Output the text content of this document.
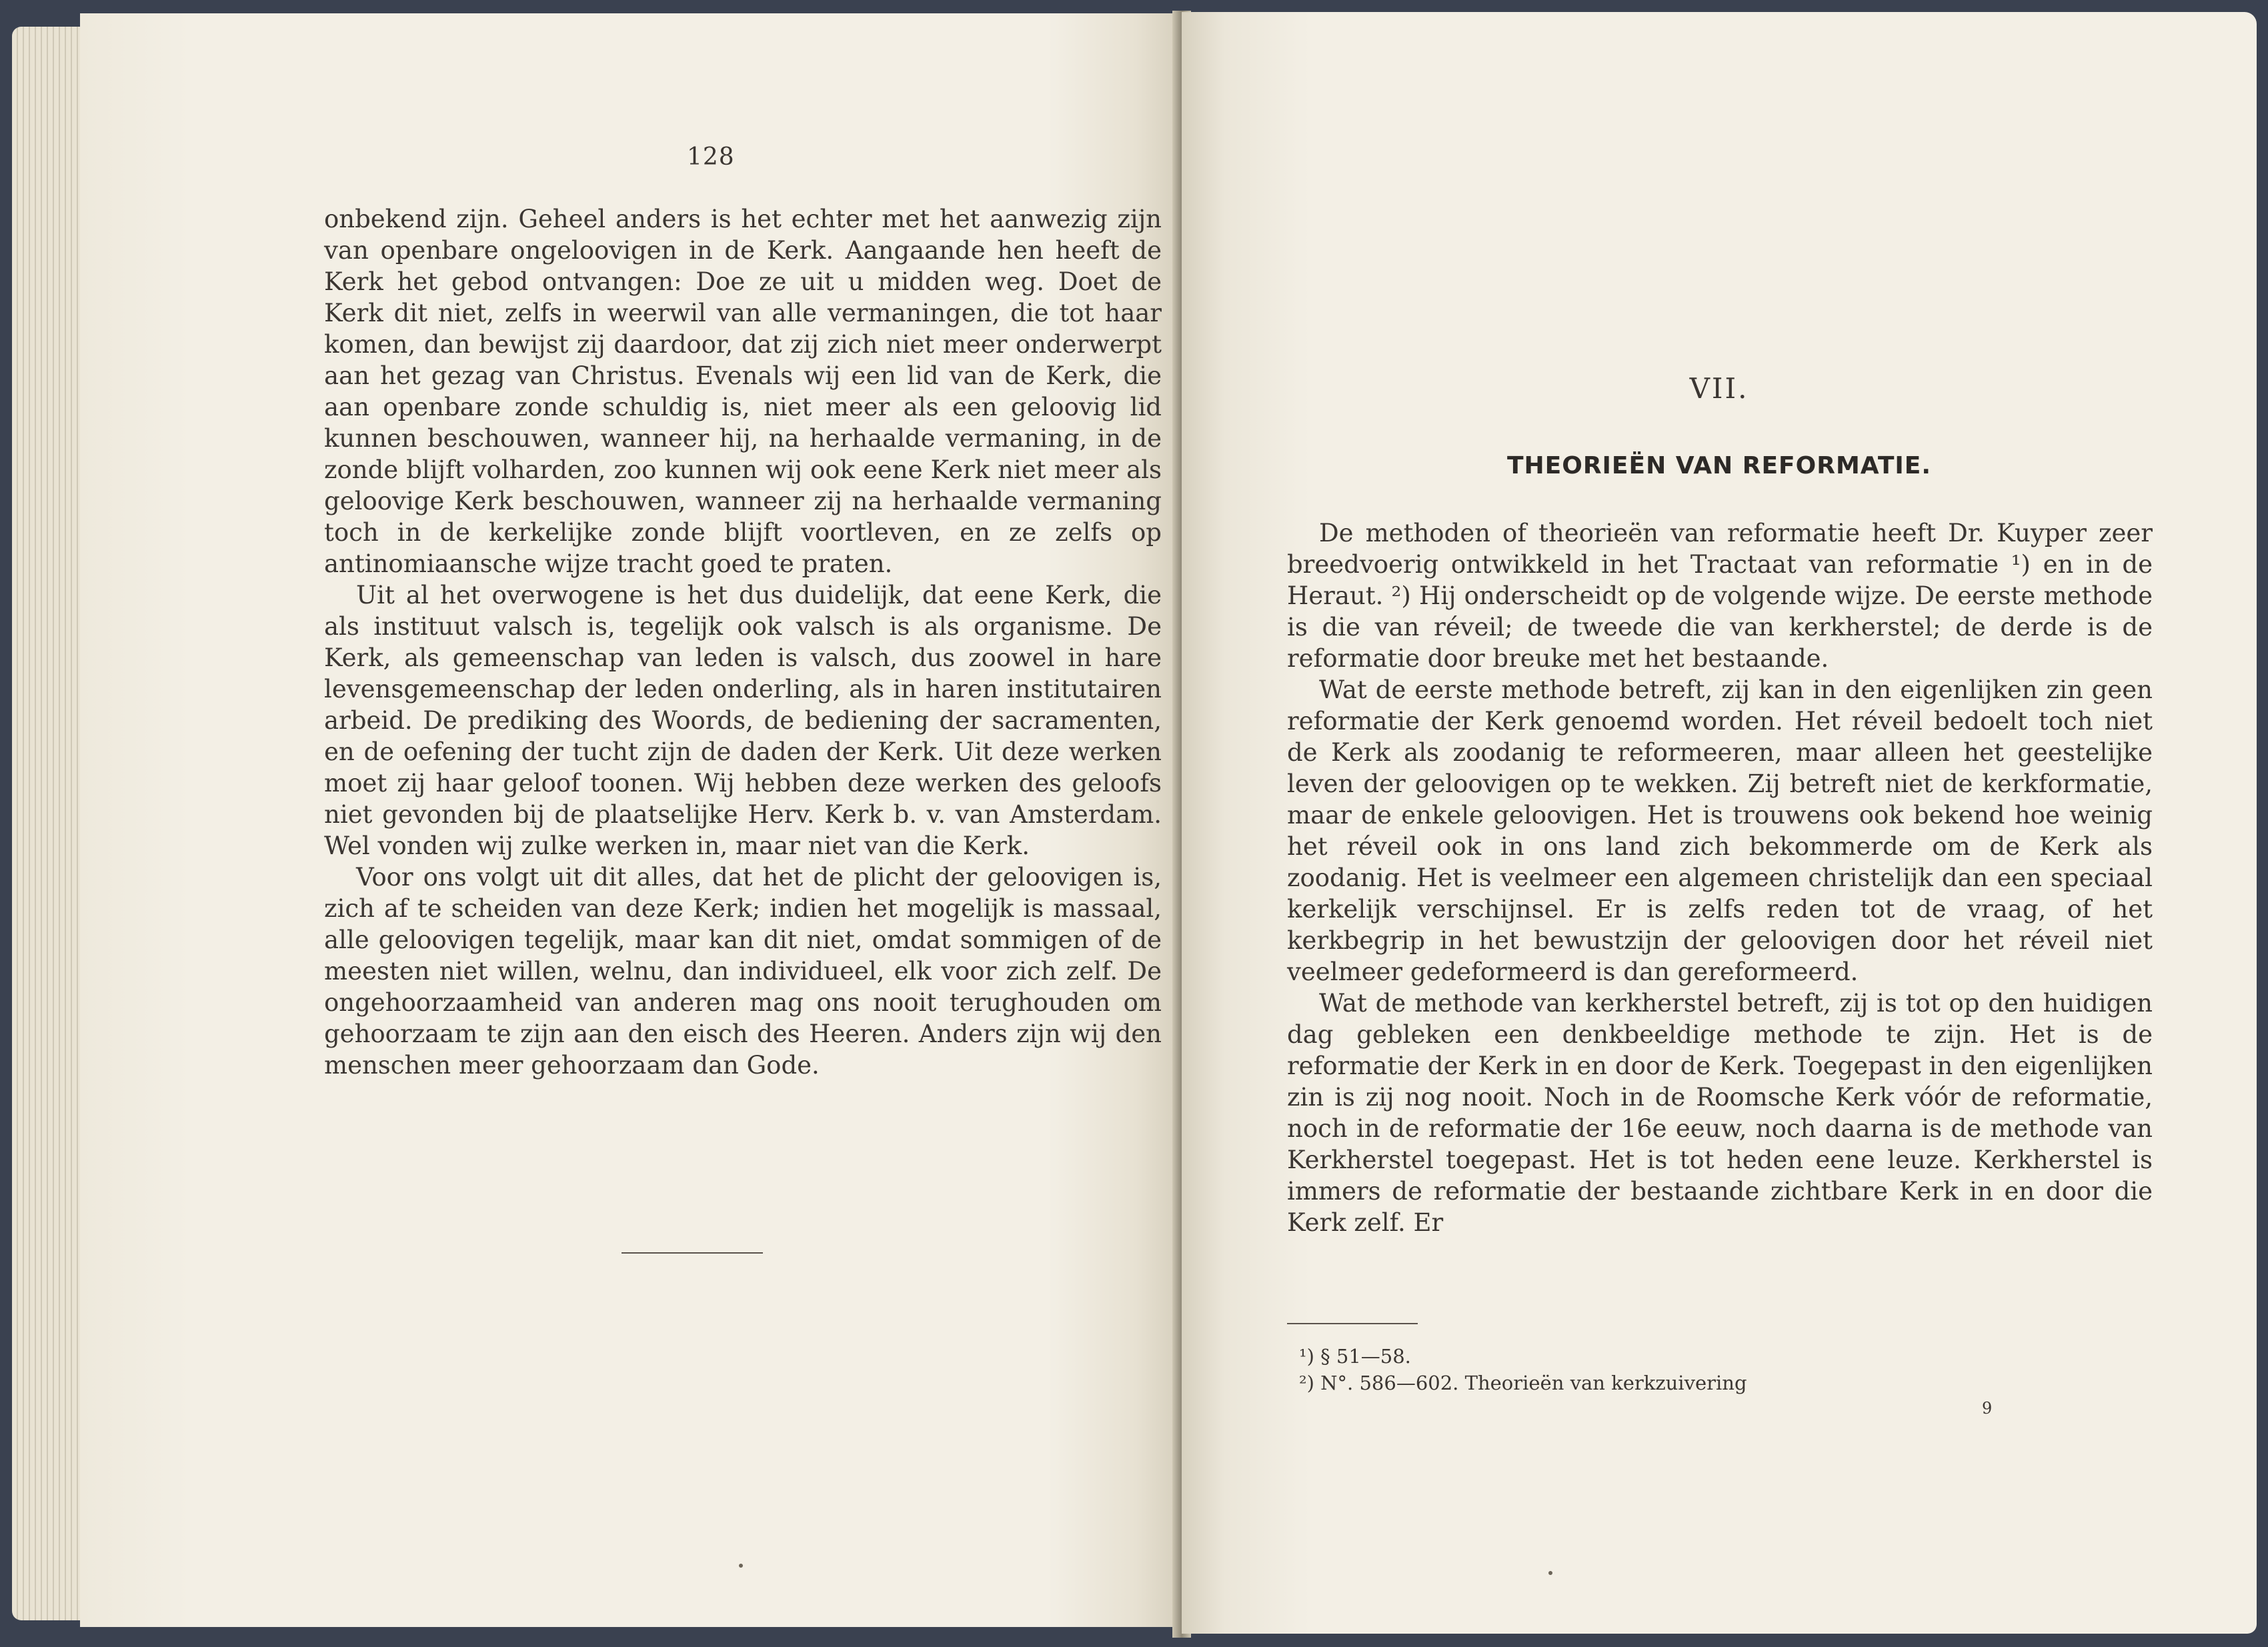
128

onbekend zijn. Geheel anders is het echter met het aanwezig zijn van openbare ongeloovigen in de Kerk. Aangaande hen heeft de Kerk het gebod ontvangen: Doe ze uit u midden weg. Doet de Kerk dit niet, zelfs in weerwil van alle vermaningen, die tot haar komen, dan bewijst zij daardoor, dat zij zich niet meer onderwerpt aan het gezag van Christus. Evenals wij een lid van de Kerk, die aan openbare zonde schuldig is, niet meer als een geloovig lid kunnen beschouwen, wanneer hij, na herhaalde vermaning, in de zonde blijft volharden, zoo kunnen wij ook eene Kerk niet meer als geloovige Kerk beschouwen, wanneer zij na herhaalde vermaning toch in de kerkelijke zonde blijft voortleven, en ze zelfs op antinomiaansche wijze tracht goed te praten.

Uit al het overwogene is het dus duidelijk, dat eene Kerk, die als instituut valsch is, tegelijk ook valsch is als organisme. De Kerk, als gemeenschap van leden is valsch, dus zoowel in hare levensgemeenschap der leden onderling, als in haren institutairen arbeid. De prediking des Woords, de bediening der sacramenten, en de oefening der tucht zijn de daden der Kerk. Uit deze werken moet zij haar geloof toonen. Wij hebben deze werken des geloofs niet gevonden bij de plaatselijke Herv. Kerk b. v. van Amsterdam. Wel vonden wij zulke werken in, maar niet van die Kerk.

Voor ons volgt uit dit alles, dat het de plicht der geloovigen is, zich af te scheiden van deze Kerk; indien het mogelijk is massaal, alle geloovigen tegelijk, maar kan dit niet, omdat sommigen of de meesten niet willen, welnu, dan individueel, elk voor zich zelf. De ongehoorzaamheid van anderen mag ons nooit terughouden om gehoorzaam te zijn aan den eisch des Heeren. Anders zijn wij den menschen meer gehoorzaam dan Gode.

VII.
THEORIEËN VAN REFORMATIE.

De methoden of theorieën van reformatie heeft Dr. Kuyper zeer breedvoerig ontwikkeld in het Tractaat van reformatie ¹) en in de Heraut. ²) Hij onderscheidt op de volgende wijze. De eerste methode is die van réveil; de tweede die van kerkherstel; de derde is de reformatie door breuke met het bestaande.

Wat de eerste methode betreft, zij kan in den eigenlijken zin geen reformatie der Kerk genoemd worden. Het réveil bedoelt toch niet de Kerk als zoodanig te reformeeren, maar alleen het geestelijke leven der geloovigen op te wekken. Zij betreft niet de kerkformatie, maar de enkele geloovigen. Het is trouwens ook bekend hoe weinig het réveil ook in ons land zich bekommerde om de Kerk als zoodanig. Het is veelmeer een algemeen christelijk dan een speciaal kerkelijk verschijnsel. Er is zelfs reden tot de vraag, of het kerkbegrip in het bewustzijn der geloovigen door het réveil niet veelmeer gedeformeerd is dan gereformeerd.

Wat de methode van kerkherstel betreft, zij is tot op den huidigen dag gebleken een denkbeeldige methode te zijn. Het is de reformatie der Kerk in en door de Kerk. Toegepast in den eigenlijken zin is zij nog nooit. Noch in de Roomsche Kerk vóór de reformatie, noch in de reformatie der 16e eeuw, noch daarna is de methode van Kerkherstel toegepast. Het is tot heden eene leuze. Kerkherstel is immers de reformatie der bestaande zichtbare Kerk in en door die Kerk zelf. Er

¹) § 51—58.
²) N°. 586—602. Theorieën van kerkzuivering
9
